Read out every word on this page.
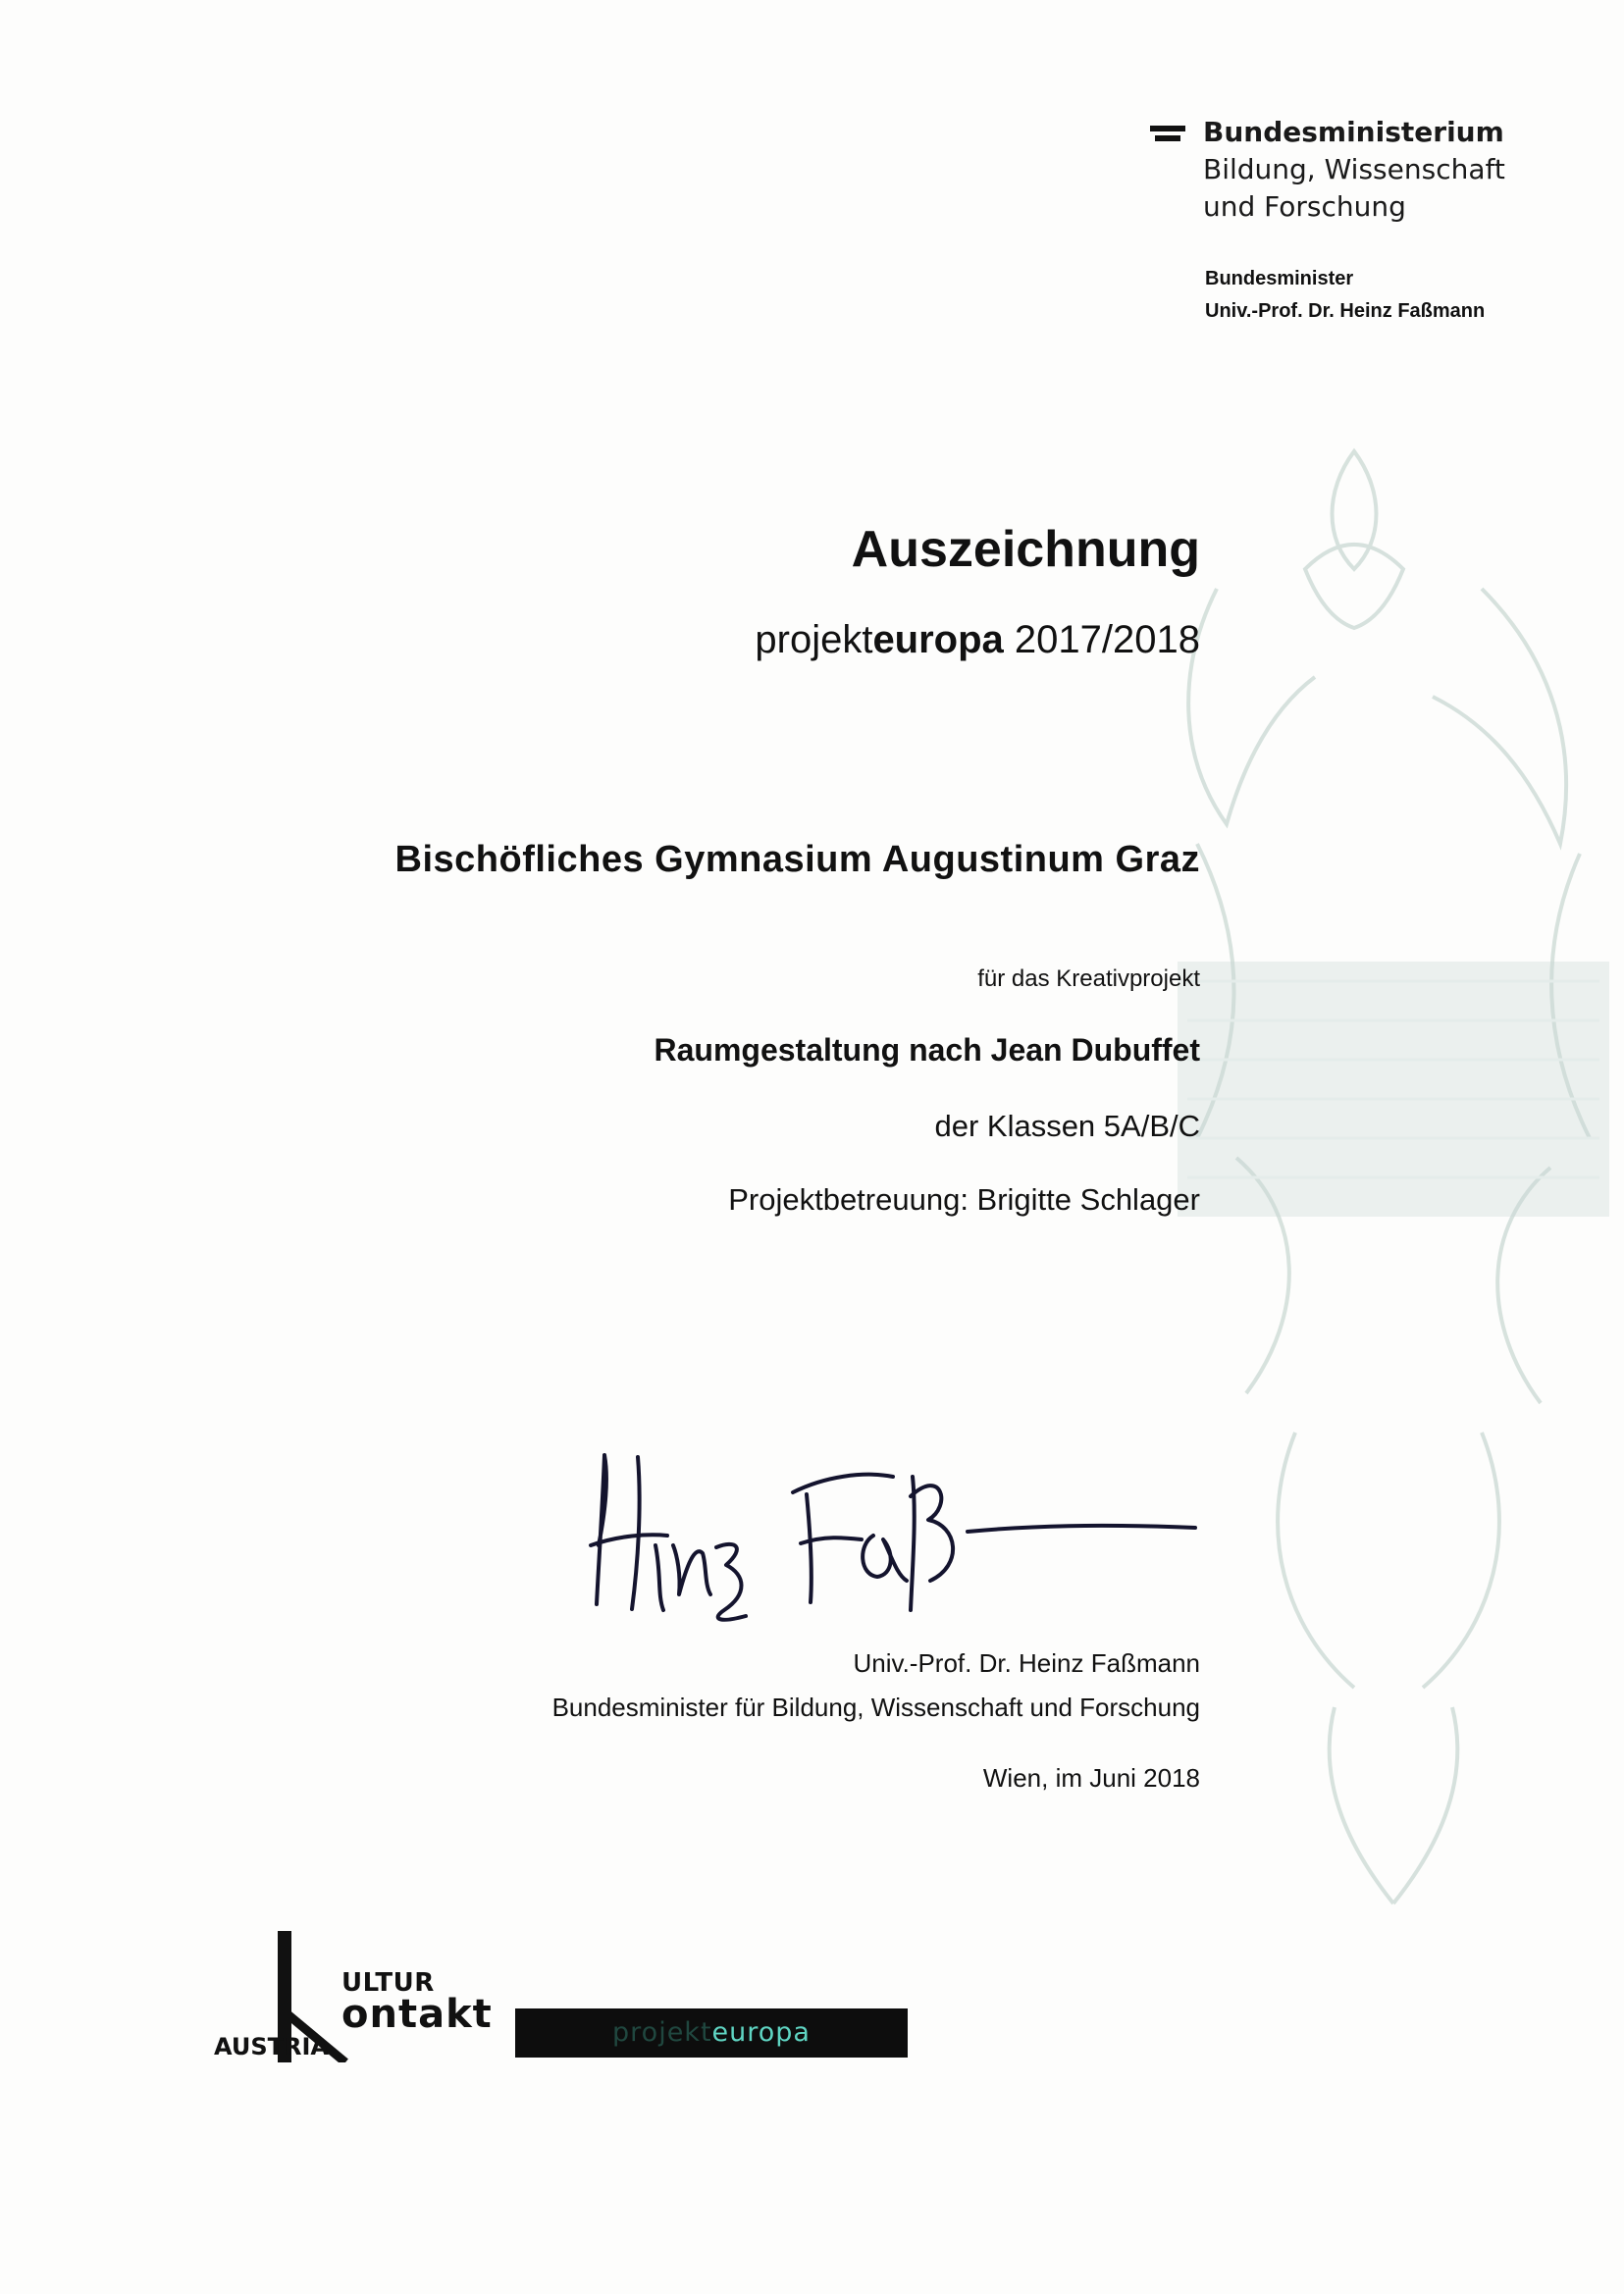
Bundesministerium
Bildung, Wissenschaft
und Forschung
Bundesminister
Univ.-Prof. Dr. Heinz Faßmann
Auszeichnung
projekteuropa 2017/2018
Bischöfliches Gymnasium Augustinum Graz
für das Kreativprojekt
Raumgestaltung nach Jean Dubuffet
der Klassen 5A/B/C
Projektbetreuung: Brigitte Schlager
Univ.-Prof. Dr. Heinz Faßmann
Bundesminister für Bildung, Wissenschaft und Forschung
Wien, im Juni 2018
ULTUR
ontakt
AUSTRIA	projekteuropa
